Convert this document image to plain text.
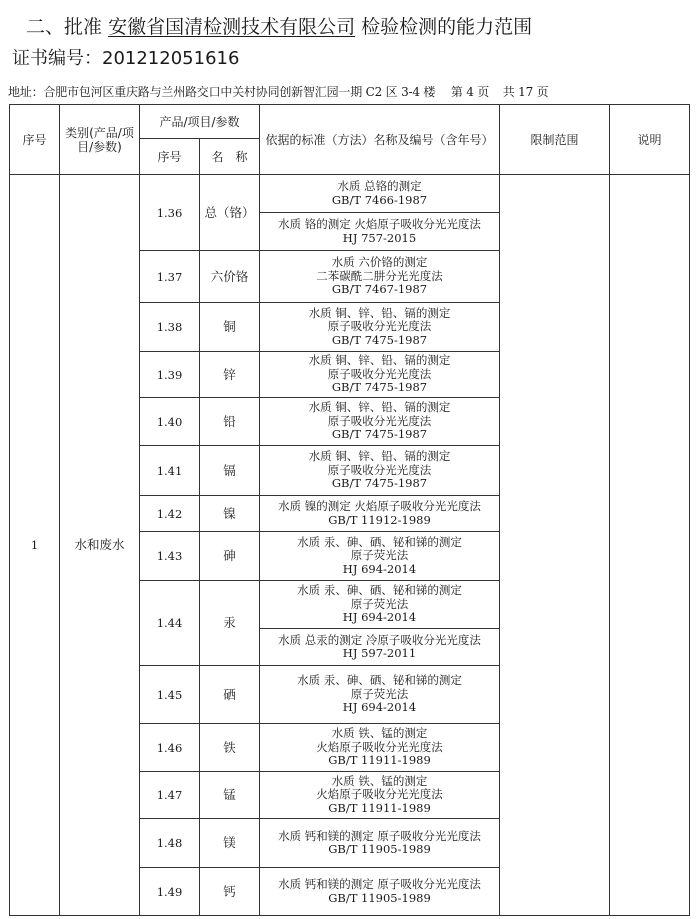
二、批准 安徽省国清检测技术有限公司 检验检测的能力范围
证书编号：201212051616
地址：合肥市包河区重庆路与兰州路交口中关村协同创新智汇园一期 C2 区 3-4 楼 第 4 页 共 17 页
序号	类别(产品/项目/参数)	产品/项目/参数		依据的标准（方法）名称及编号（含年号）	限制范围	说明
		序号	名　称			
1	水和废水	1.36	总（铬）	水质 总铬的测定
GB/T 7466-1987		

				水质 铬的测定 火焰原子吸收分光光度法
HJ 757-2015		

		1.37	六价铬	水质 六价铬的测定
二苯碳酰二肼分光光度法
GB/T 7467-1987		

		1.38	铜	水质 铜、锌、铅、镉的测定
原子吸收分光光度法
GB/T 7475-1987		

		1.39	锌	水质 铜、锌、铅、镉的测定
原子吸收分光光度法
GB/T 7475-1987		

		1.40	铅	水质 铜、锌、铅、镉的测定
原子吸收分光光度法
GB/T 7475-1987		

		1.41	镉	水质 铜、锌、铅、镉的测定
原子吸收分光光度法
GB/T 7475-1987		

		1.42	镍	水质 镍的测定 火焰原子吸收分光光度法
GB/T 11912-1989		

		1.43	砷	水质 汞、砷、硒、铋和锑的测定
原子荧光法
HJ 694-2014		

		1.44	汞	水质 汞、砷、硒、铋和锑的测定
原子荧光法
HJ 694-2014		

				水质 总汞的测定 冷原子吸收分光光度法
HJ 597-2011		

		1.45	硒	水质 汞、砷、硒、铋和锑的测定
原子荧光法
HJ 694-2014		

		1.46	铁	水质 铁、锰的测定
火焰原子吸收分光光度法
GB/T 11911-1989		

		1.47	锰	水质 铁、锰的测定
火焰原子吸收分光光度法
GB/T 11911-1989		

		1.48	镁	水质 钙和镁的测定 原子吸收分光光度法
GB/T 11905-1989		

		1.49	钙	水质 钙和镁的测定 原子吸收分光光度法
GB/T 11905-1989		
